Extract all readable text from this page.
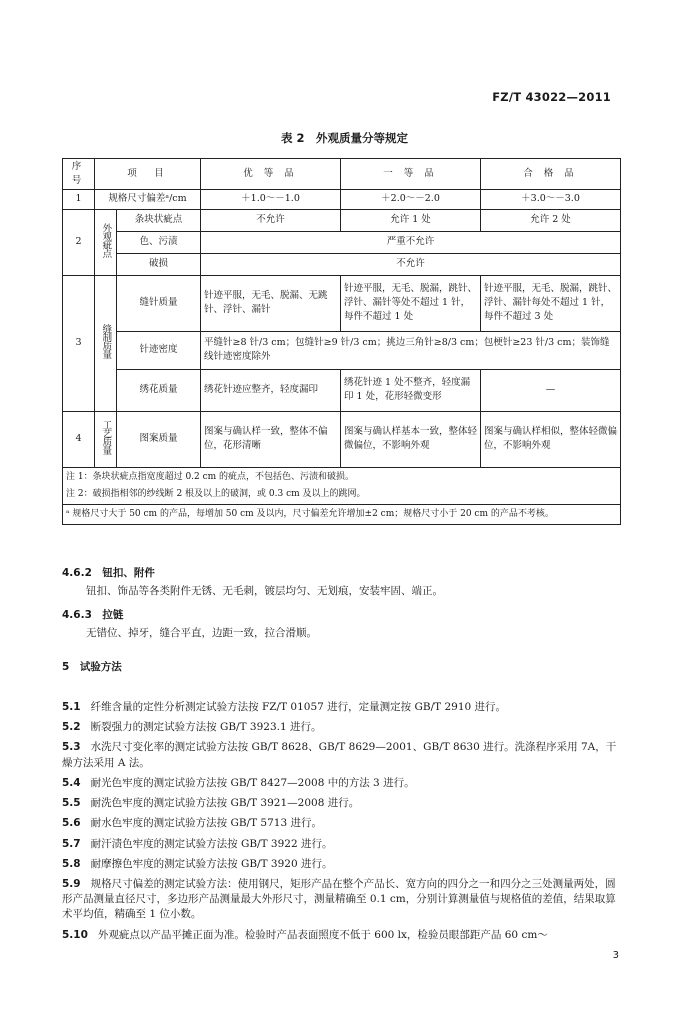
FZ/T 43022—2011
表 2　外观质量分等规定
序号	项　目		优 等 品	一 等 品	合 格 品
1	规格尺寸偏差ᵃ/cm		＋1.0～－1.0	＋2.0～－2.0	＋3.0～－3.0
2	外观疵点	条块状疵点	不允许	允许 1 处	允许 2 处
		色、污渍	严重不允许		
		破损	不允许		
3	缝制质量	缝针质量	针迹平服，无毛、脱漏、无跳针、浮针、漏针	针迹平服，无毛、脱漏，跳针、浮针、漏针等处不超过 1 针，每件不超过 1 处	针迹平服，无毛、脱漏，跳针、浮针、漏针每处不超过 1 针，每件不超过 3 处
		针迹密度	平缝针≥8 针/3 cm；包缝针≥9 针/3 cm；挑边三角针≥8/3 cm；包梗针≥23 针/3 cm；装饰缝线针迹密度除外		
		绣花质量	绣花针迹应整齐，轻度漏印	绣花针迹 1 处不整齐，轻度漏印 1 处，花形轻微变形	—
4	工艺质量	图案质量	图案与确认样一致，整体不偏位，花形清晰	图案与确认样基本一致，整体轻微偏位，不影响外观	图案与确认样相似，整体轻微偏位，不影响外观

注 1：条块状疵点指宽度超过 0.2 cm 的疵点，不包括色、污渍和破损。
注 2：破损指相邻的纱线断 2 根及以上的破洞，或 0.3 cm 及以上的跳网。					

ᵃ 规格尺寸大于 50 cm 的产品，每增加 50 cm 及以内，尺寸偏差允许增加±2 cm；规格尺寸小于 20 cm 的产品不考核。					
4.6.2　 钮扣、附件
钮扣、饰品等各类附件无锈、无毛刺，镀层均匀、无划痕，安装牢固、端正。
4.6.3　 拉链
无错位、掉牙，缝合平直，边距一致，拉合滑顺。
5　 试验方法
5.1 纤维含量的定性分析测定试验方法按 FZ/T 01057 进行，定量测定按 GB/T 2910 进行。
5.2 断裂强力的测定试验方法按 GB/T 3923.1 进行。
5.3 水洗尺寸变化率的测定试验方法按 GB/T 8628、GB/T 8629—2001、GB/T 8630 进行。洗涤程序采用 7A，干燥方法采用 A 法。
5.4 耐光色牢度的测定试验方法按 GB/T 8427—2008 中的方法 3 进行。
5.5 耐洗色牢度的测定试验方法按 GB/T 3921—2008 进行。
5.6 耐水色牢度的测定试验方法按 GB/T 5713 进行。
5.7 耐汗渍色牢度的测定试验方法按 GB/T 3922 进行。
5.8 耐摩擦色牢度的测定试验方法按 GB/T 3920 进行。
5.9 规格尺寸偏差的测定试验方法：使用钢尺，矩形产品在整个产品长、宽方向的四分之一和四分之三处测量两处，圆形产品测量直径尺寸，多边形产品测量最大外形尺寸，测量精确至 0.1 cm，分别计算测量值与规格值的差值，结果取算术平均值，精确至 1 位小数。
5.10 外观疵点以产品平摊正面为准。检验时产品表面照度不低于 600 lx，检验员眼部距产品 60 cm～
3
